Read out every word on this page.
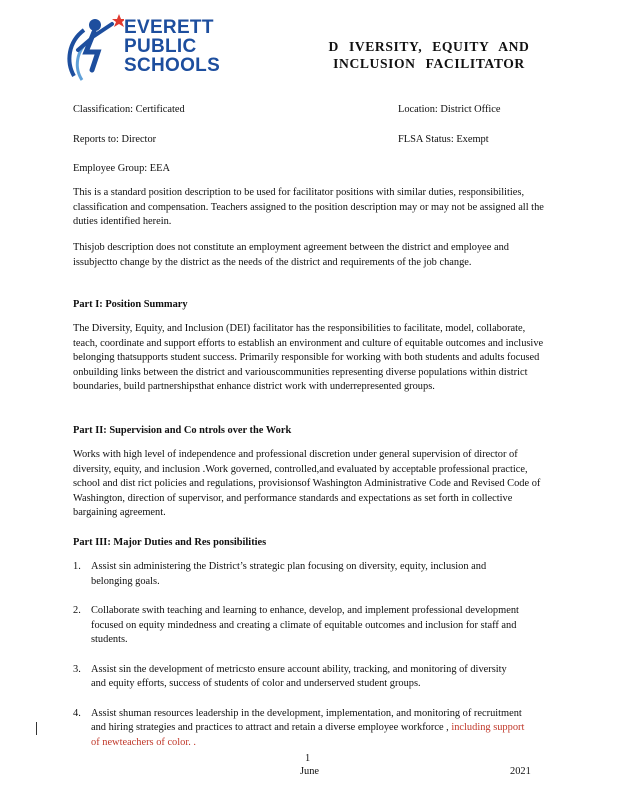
EVERETT
PUBLIC
SCHOOLS
D IVERSITY, EQUITY AND
INCLUSION FACILITATOR
Classification: Certificated	Location: District Office
Reports to: Director	FLSA Status: Exempt
Employee Group: EEA
This is a standard position description to be used for facilitator positions with similar duties, responsibilities, classification and compensation. Teachers assigned to the position description may or may not be assigned all the duties identified herein.
Thisjob description does not constitute an employment agreement between the district and employee and issubjectto change by the district as the needs of the district and requirements of the job change.
Part I: Position Summary
The Diversity, Equity, and Inclusion (DEI) facilitator has the responsibilities to facilitate, model, collaborate, teach, coordinate and support efforts to establish an environment and culture of equitable outcomes and inclusive belonging thatsupports student success. Primarily responsible for working with both students and adults focused onbuilding links between the district and variouscommunities representing diverse populations within district boundaries, build partnershipsthat enhance district work with underrepresented groups.
Part II: Supervision and Co ntrols over the Work
Works with high level of independence and professional discretion under general supervision of director of diversity, equity, and inclusion .Work governed, controlled,and evaluated by acceptable professional practice, school and dist rict policies and regulations, provisionsof Washington Administrative Code and Revised Code of Washington, direction of supervisor, and performance standards and expectations as set forth in collective bargaining agreement.
Part III: Major Duties and Res ponsibilities
1. Assist sin administering the District’s strategic plan focusing on diversity, equity, inclusion and belonging goals.
2. Collaborate swith teaching and learning to enhance, develop, and implement professional development focused on equity mindedness and creating a climate of equitable outcomes and inclusion for staff and students.
3. Assist sin the development of metricsto ensure account ability, tracking, and monitoring of diversity and equity efforts, success of students of color and underserved student groups.
4. Assist shuman resources leadership in the development, implementation, and monitoring of recruitment and hiring strategies and practices to attract and retain a diverse employee workforce , including support of newteachers of color. .
1
June	2021
